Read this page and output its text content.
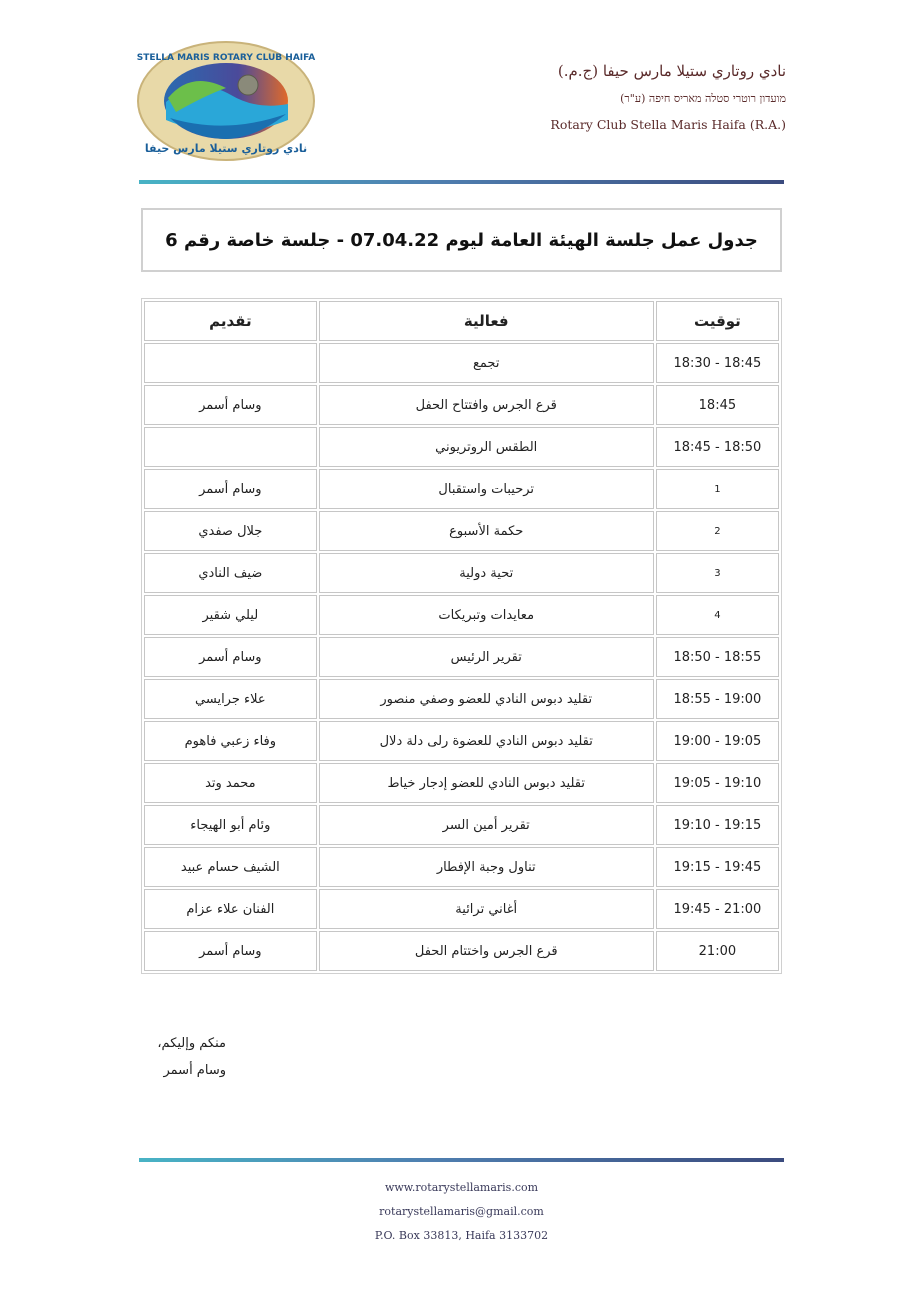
STELLA MARIS ROTARY CLUB HAIFA
نادي روتاري ستيلا مارس حيفا
نادي روتاري ستيلا مارس حيفا (ج.م.)
מועדון רוטרי סטלה מאריס חיפה (ע"ר)
Rotary Club Stella Maris Haifa (R.A.)
جدول عمل جلسة الهيئة العامة ليوم 07.04.22 - جلسة خاصة رقم 6
توقيت	فعالية	تقديم
18:30 - 18:45	تجمع	
18:45	قرع الجرس وافتتاح الحفل	وسام أسمر
18:45 - 18:50	الطقس الروتريوني	
1	ترحيبات واستقبال	وسام أسمر
2	حكمة الأسبوع	جلال صفدي
3	تحية دولية	ضيف النادي
4	معايدات وتبريكات	ليلي شقير
18:50 - 18:55	تقرير الرئيس	وسام أسمر
18:55 - 19:00	تقليد دبوس النادي للعضو وصفي منصور	علاء جرايسي
19:00 - 19:05	تقليد دبوس النادي للعضوة رلى دلة دلال	وفاء زعبي فاهوم
19:05 - 19:10	تقليد دبوس النادي للعضو إدجار خياط	محمد وتد
19:10 - 19:15	تقرير أمين السر	وئام أبو الهيجاء
19:15 - 19:45	تناول وجبة الإفطار	الشيف حسام عبيد
19:45 - 21:00	أغاني ترائية	الفنان علاء عزام
21:00	قرع الجرس واختتام الحفل	وسام أسمر
منكم وإليكم،
وسام أسمر
www.rotarystellamaris.com
rotarystellamaris@gmail.com
P.O. Box 33813, Haifa 3133702
